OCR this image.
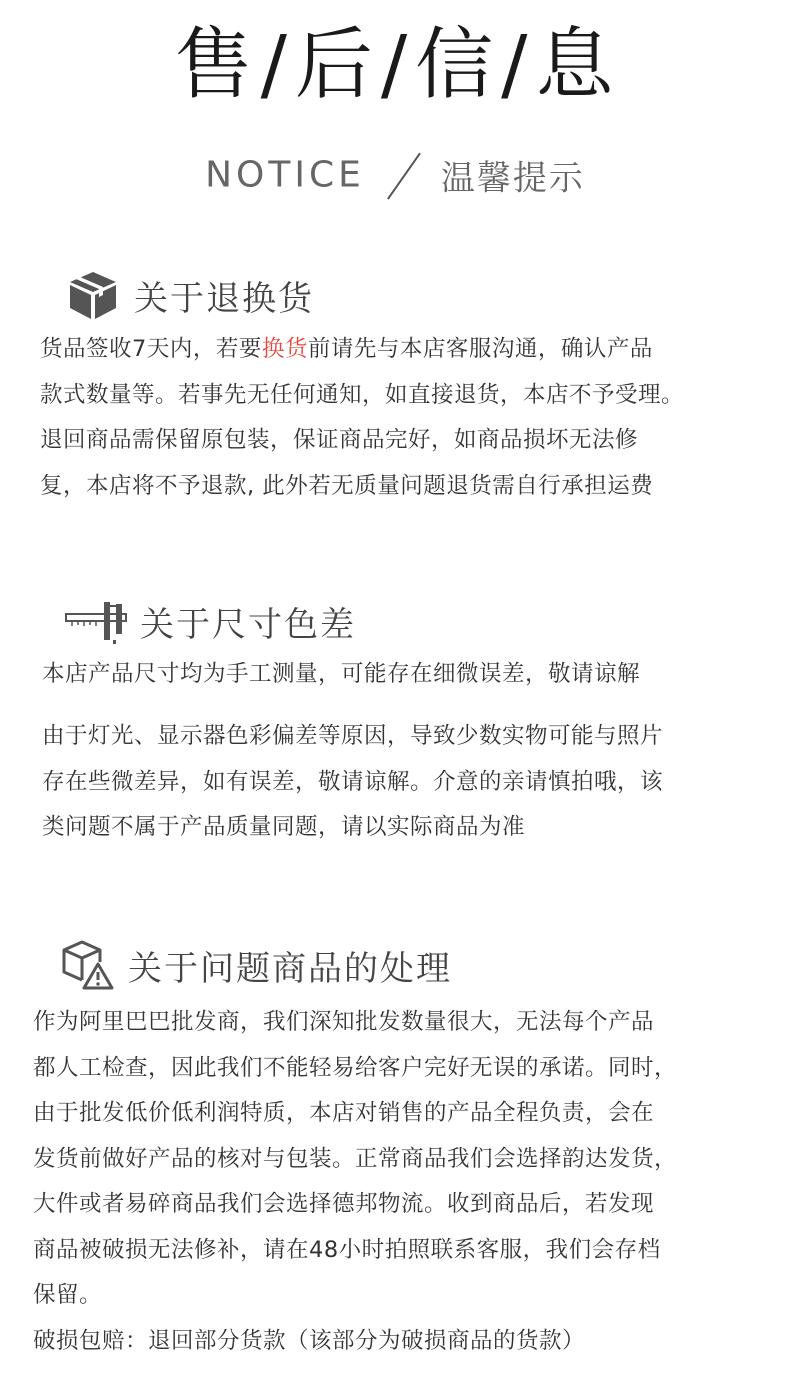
售/后/信/息
NOTICE 温馨提示
关于退换货

货品签收7天内，若要换货前请先与本店客服沟通，确认产品
款式数量等。若事先无任何通知，如直接退货，本店不予受理。
退回商品需保留原包装，保证商品完好，如商品损坏无法修
复，本店将不予退款, 此外若无质量问题退货需自行承担运费

关于尺寸色差

本店产品尺寸均为手工测量，可能存在细微误差，敬请谅解

由于灯光、显示器色彩偏差等原因，导致少数实物可能与照片
存在些微差异，如有误差，敬请谅解。介意的亲请慎拍哦，该
类问题不属于产品质量同题，请以实际商品为准

关于问题商品的处理

作为阿里巴巴批发商，我们深知批发数量很大，无法每个产品
都人工检查，因此我们不能轻易给客户完好无误的承诺。同时，
由于批发低价低利润特质，本店对销售的产品全程负责，会在
发货前做好产品的核对与包装。正常商品我们会选择韵达发货，
大件或者易碎商品我们会选择德邦物流。收到商品后，若发现
商品被破损无法修补，请在48小时拍照联系客服，我们会存档
保留。
破损包赔：退回部分货款（该部分为破损商品的货款）
